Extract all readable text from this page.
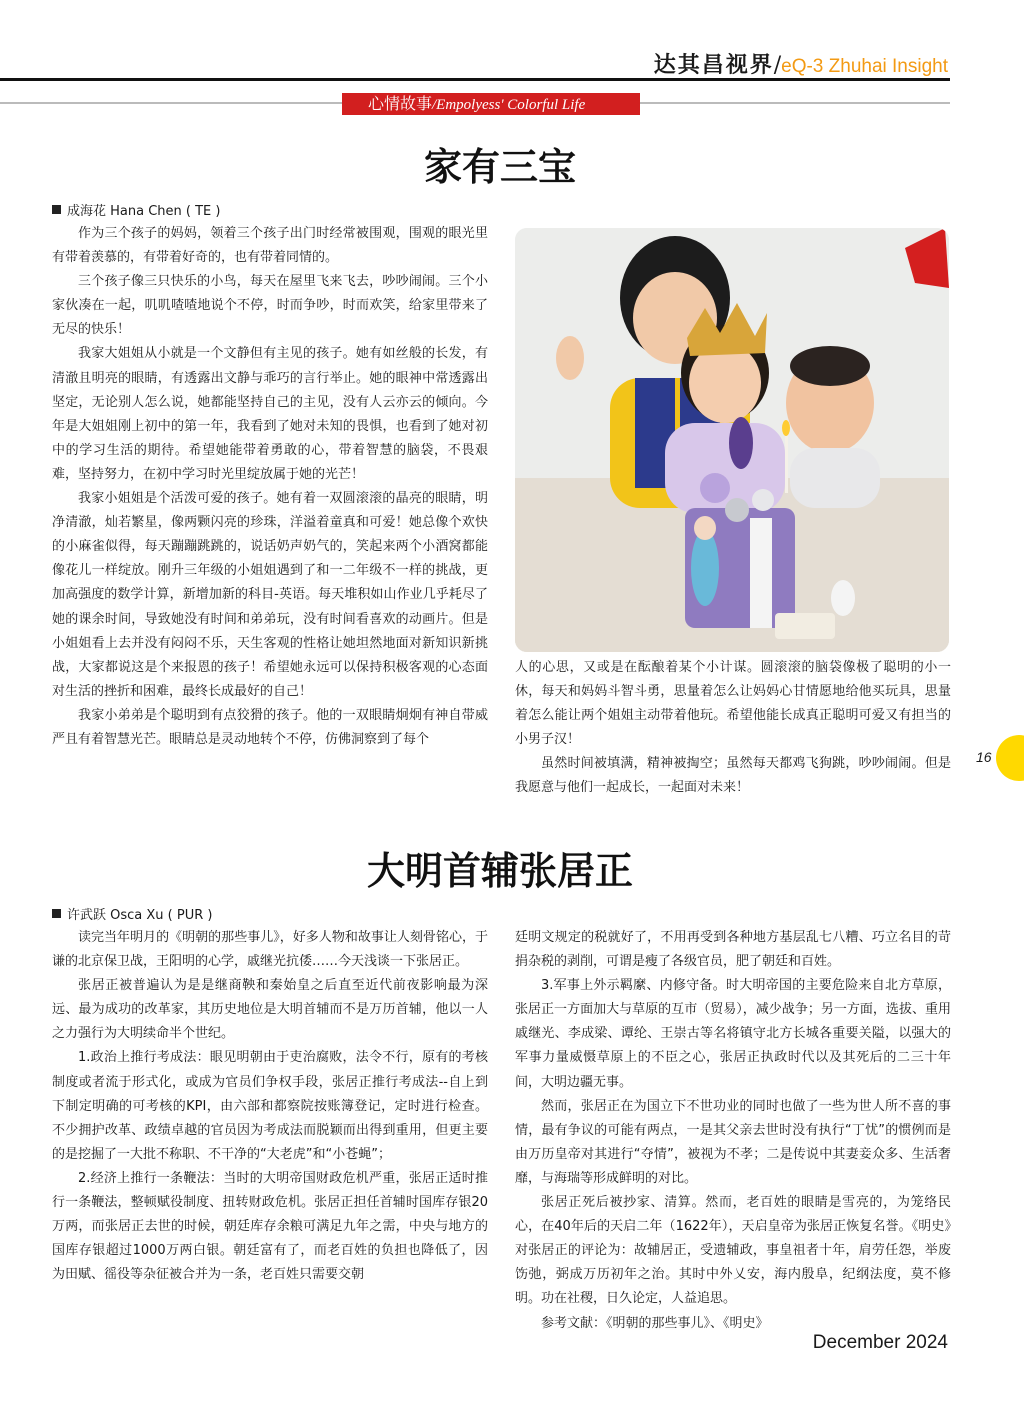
达其昌视界/eQ-3 Zhuhai Insight
心情故事/Empolyess' Colorful Life
家有三宝
成海花 Hana Chen ( TE )

作为三个孩子的妈妈，领着三个孩子出门时经常被围观，围观的眼光里有带着羡慕的，有带着好奇的，也有带着同情的。

三个孩子像三只快乐的小鸟，每天在屋里飞来飞去，吵吵闹闹。三个小家伙凑在一起，叽叽喳喳地说个不停，时而争吵，时而欢笑，给家里带来了无尽的快乐！

我家大姐姐从小就是一个文静但有主见的孩子。她有如丝般的长发，有清澈且明亮的眼睛，有透露出文静与乖巧的言行举止。她的眼神中常透露出坚定，无论别人怎么说，她都能坚持自己的主见，没有人云亦云的倾向。今年是大姐姐刚上初中的第一年，我看到了她对未知的畏惧，也看到了她对初中的学习生活的期待。希望她能带着勇敢的心，带着智慧的脑袋，不畏艰难，坚持努力，在初中学习时光里绽放属于她的光芒！

我家小姐姐是个活泼可爱的孩子。她有着一双圆滚滚的晶亮的眼睛，明净清澈，灿若繁星，像两颗闪亮的珍珠，洋溢着童真和可爱！她总像个欢快的小麻雀似得，每天蹦蹦跳跳的，说话奶声奶气的，笑起来两个小酒窝都能像花儿一样绽放。刚升三年级的小姐姐遇到了和一二年级不一样的挑战，更加高强度的数学计算，新增加新的科目-英语。每天堆积如山作业几乎耗尽了她的课余时间，导致她没有时间和弟弟玩，没有时间看喜欢的动画片。但是小姐姐看上去并没有闷闷不乐，天生客观的性格让她坦然地面对新知识新挑战，大家都说这是个来报恩的孩子！希望她永远可以保持积极客观的心态面对生活的挫折和困难，最终长成最好的自己！

我家小弟弟是个聪明到有点狡猾的孩子。他的一双眼睛炯炯有神自带威严且有着智慧光芒。眼睛总是灵动地转个不停，仿佛洞察到了每个

人的心思，又或是在酝酿着某个小计谋。圆滚滚的脑袋像极了聪明的小一休，每天和妈妈斗智斗勇，思量着怎么让妈妈心甘情愿地给他买玩具，思量着怎么能让两个姐姐主动带着他玩。希望他能长成真正聪明可爱又有担当的小男子汉！

虽然时间被填满，精神被掏空；虽然每天都鸡飞狗跳，吵吵闹闹。但是我愿意与他们一起成长，一起面对未来！

大明首辅张居正
许武跃 Osca Xu ( PUR )

读完当年明月的《明朝的那些事儿》，好多人物和故事让人刻骨铭心，于谦的北京保卫战，王阳明的心学，戚继光抗倭……今天浅谈一下张居正。

张居正被普遍认为是是继商鞅和秦始皇之后直至近代前夜影响最为深远、最为成功的改革家，其历史地位是大明首辅而不是万历首辅，他以一人之力强行为大明续命半个世纪。

1.政治上推行考成法：眼见明朝由于吏治腐败，法令不行，原有的考核制度或者流于形式化，或成为官员们争权手段，张居正推行考成法--自上到下制定明确的可考核的KPI，由六部和都察院按账簿登记，定时进行检查。不少拥护改革、政绩卓越的官员因为考成法而脱颖而出得到重用，但更主要的是挖掘了一大批不称职、不干净的“大老虎”和“小苍蝇”；

2.经济上推行一条鞭法：当时的大明帝国财政危机严重，张居正适时推行一条鞭法，整顿赋役制度、扭转财政危机。张居正担任首辅时国库存银20万两，而张居正去世的时候，朝廷库存余粮可满足九年之需，中央与地方的国库存银超过1000万两白银。朝廷富有了，而老百姓的负担也降低了，因为田赋、徭役等杂征被合并为一条，老百姓只需要交朝

廷明文规定的税就好了，不用再受到各种地方基层乱七八糟、巧立名目的苛捐杂税的剥削，可谓是瘦了各级官员，肥了朝廷和百姓。

3.军事上外示羁縻、内修守备。时大明帝国的主要危险来自北方草原，张居正一方面加大与草原的互市（贸易），减少战争；另一方面，选拔、重用戚继光、李成梁、谭纶、王崇古等名将镇守北方长城各重要关隘，以强大的军事力量威慑草原上的不臣之心，张居正执政时代以及其死后的二三十年间，大明边疆无事。

然而，张居正在为国立下不世功业的同时也做了一些为世人所不喜的事情，最有争议的可能有两点，一是其父亲去世时没有执行“丁忧”的惯例而是由万历皇帝对其进行“夺情”，被视为不孝；二是传说中其妻妾众多、生活奢靡，与海瑞等形成鲜明的对比。

张居正死后被抄家、清算。然而，老百姓的眼睛是雪亮的，为笼络民心，在40年后的天启二年（1622年），天启皇帝为张居正恢复名誉。《明史》对张居正的评论为：故辅居正，受遗辅政，事皇祖者十年，肩劳任怨，举废饬弛，弼成万历初年之治。其时中外乂安，海内殷阜，纪纲法度，莫不修明。功在社稷，日久论定，人益追思。

参考文献：《明朝的那些事儿》、《明史》

16
December 2024
